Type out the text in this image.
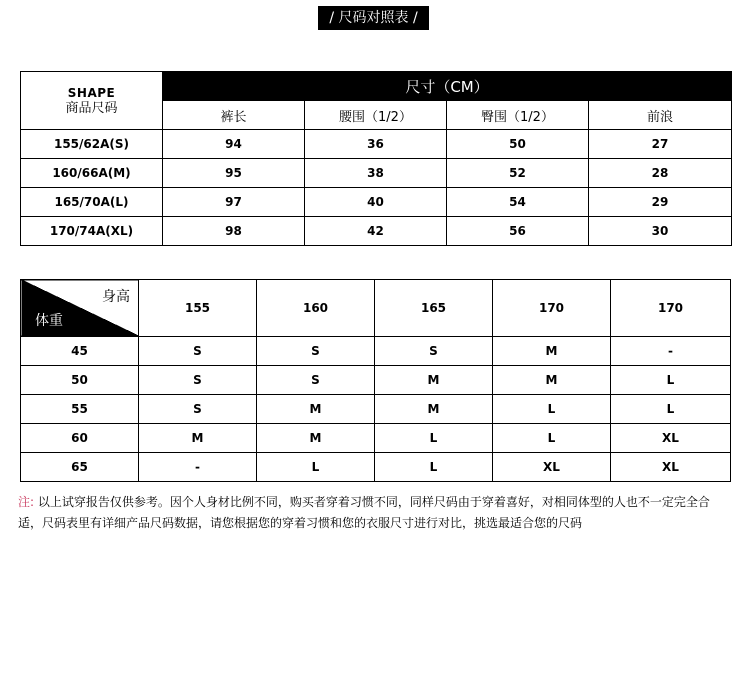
/ 尺码对照表 /
SHAPE
商品尺码	尺寸（CM）			
	裤长	腰围（1/2）	臀围（1/2）	前浪
155/62A(S)	94	36	50	27
160/66A(M)	95	38	52	28
165/70A(L)	97	40	54	29
170/74A(XL)	98	42	56	30
身高
体重	155	160	165	170	170
45	S	S	S	M	-
50	S	S	M	M	L
55	S	M	M	L	L
60	M	M	L	L	XL
65	-	L	L	XL	XL
注: 以上试穿报告仅供参考。因个人身材比例不同，购买者穿着习惯不同，同样尺码由于穿着喜好，对相同体型的人也不一定完全合适，尺码表里有详细产品尺码数据，请您根据您的穿着习惯和您的衣服尺寸进行对比，挑选最适合您的尺码
